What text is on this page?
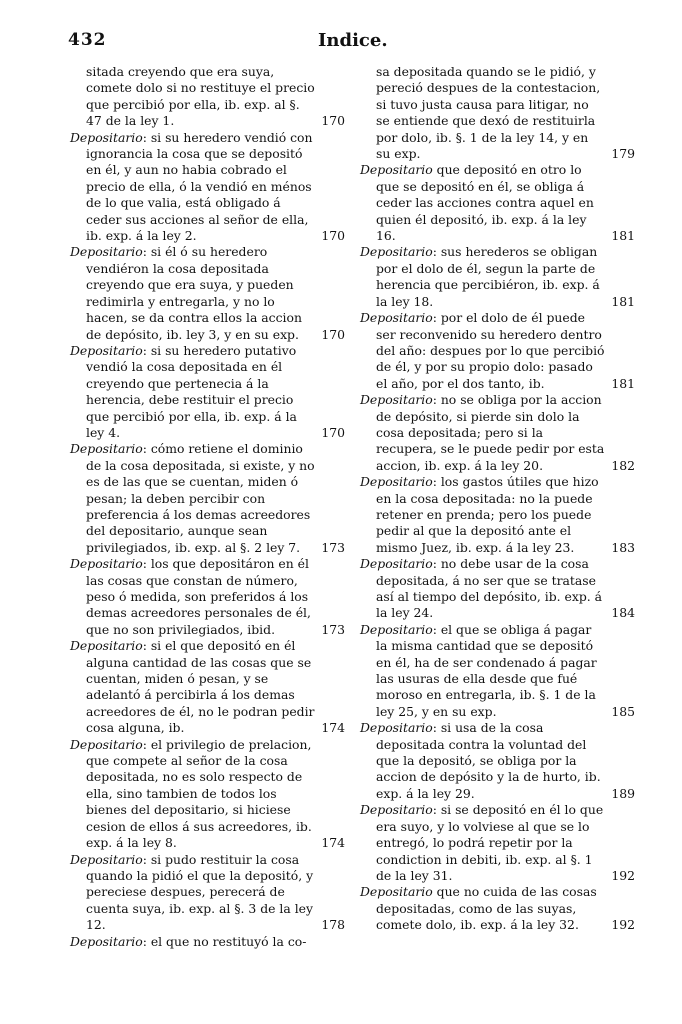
432	Indice.

sitada creyendo que era suya, comete dolo si no restituye el precio que percibió por ella, ib. exp. al §. 47 de la ley 1.	170

Depositario: si su heredero vendió con ignorancia la cosa que se depositó en él, y aun no habia cobrado el precio de ella, ó la vendió en ménos de lo que valia, está obligado á ceder sus acciones al señor de ella, ib. exp. á la ley 2.	170

Depositario: si él ó su heredero vendiéron la cosa depositada creyendo que era suya, y pueden redimirla y entregarla, y no lo hacen, se da contra ellos la accion de depósito, ib. ley 3, y en su exp. 170

Depositario: si su heredero putativo vendió la cosa depositada en él creyendo que pertenecia á la herencia, debe restituir el precio que percibió por ella, ib. exp. á la ley 4.	170

Depositario: cómo retiene el dominio de la cosa depositada, si existe, y no es de las que se cuentan, miden ó pesan; la deben percibir con preferencia á los demas acreedores del depositario, aunque sean privilegiados, ib. exp. al §. 2 ley 7. 173

Depositario: los que depositáron en él las cosas que constan de número, peso ó medida, son preferidos á los demas acreedores personales de él, que no son privilegiados, ibid.	173

Depositario: si el que depositó en él alguna cantidad de las cosas que se cuentan, miden ó pesan, y se adelantó á percibirla á los demas acreedores de él, no le podran pedir cosa alguna, ib.	174

Depositario: el privilegio de prelacion, que compete al señor de la cosa depositada, no es solo respecto de ella, sino tambien de todos los bienes del depositario, si hiciese cesion de ellos á sus acreedores, ib. exp. á la ley 8.	174

Depositario: si pudo restituir la cosa quando la pidió el que la depositó, y pereciese despues, perecerá de cuenta suya, ib. exp. al §. 3 de la ley 12.	178

Depositario: el que no restituyó la co-

sa depositada quando se le pidió, y pereció despues de la contestacion, si tuvo justa causa para litigar, no se entiende que dexó de restituirla por dolo, ib. §. 1 de la ley 14, y en su exp.	179

Depositario que depositó en otro lo que se depositó en él, se obliga á ceder las acciones contra aquel en quien él depositó, ib. exp. á la ley 16.	181

Depositario: sus herederos se obligan por el dolo de él, segun la parte de herencia que percibiéron, ib. exp. á la ley 18.	181

Depositario: por el dolo de él puede ser reconvenido su heredero dentro del año: despues por lo que percibió de él, y por su propio dolo: pasado el año, por el dos tanto, ib.	181

Depositario: no se obliga por la accion de depósito, si pierde sin dolo la cosa depositada; pero si la recupera, se le puede pedir por esta accion, ib. exp. á la ley 20.	182

Depositario: los gastos útiles que hizo en la cosa depositada: no la puede retener en prenda; pero los puede pedir al que la depositó ante el mismo Juez, ib. exp. á la ley 23.	183

Depositario: no debe usar de la cosa depositada, á no ser que se tratase así al tiempo del depósito, ib. exp. á la ley 24.	184

Depositario: el que se obliga á pagar la misma cantidad que se depositó en él, ha de ser condenado á pagar las usuras de ella desde que fué moroso en entregarla, ib. §. 1 de la ley 25, y en su exp.	185

Depositario: si usa de la cosa depositada contra la voluntad del que la depositó, se obliga por la accion de depósito y la de hurto, ib. exp. á la ley 29.	189

Depositario: si se depositó en él lo que era suyo, y lo volviese al que se lo entregó, lo podrá repetir por la condiction in debiti, ib. exp. al §. 1 de la ley 31.	192

Depositario que no cuida de las cosas depositadas, como de las suyas, comete dolo, ib. exp. á la ley 32.	192
